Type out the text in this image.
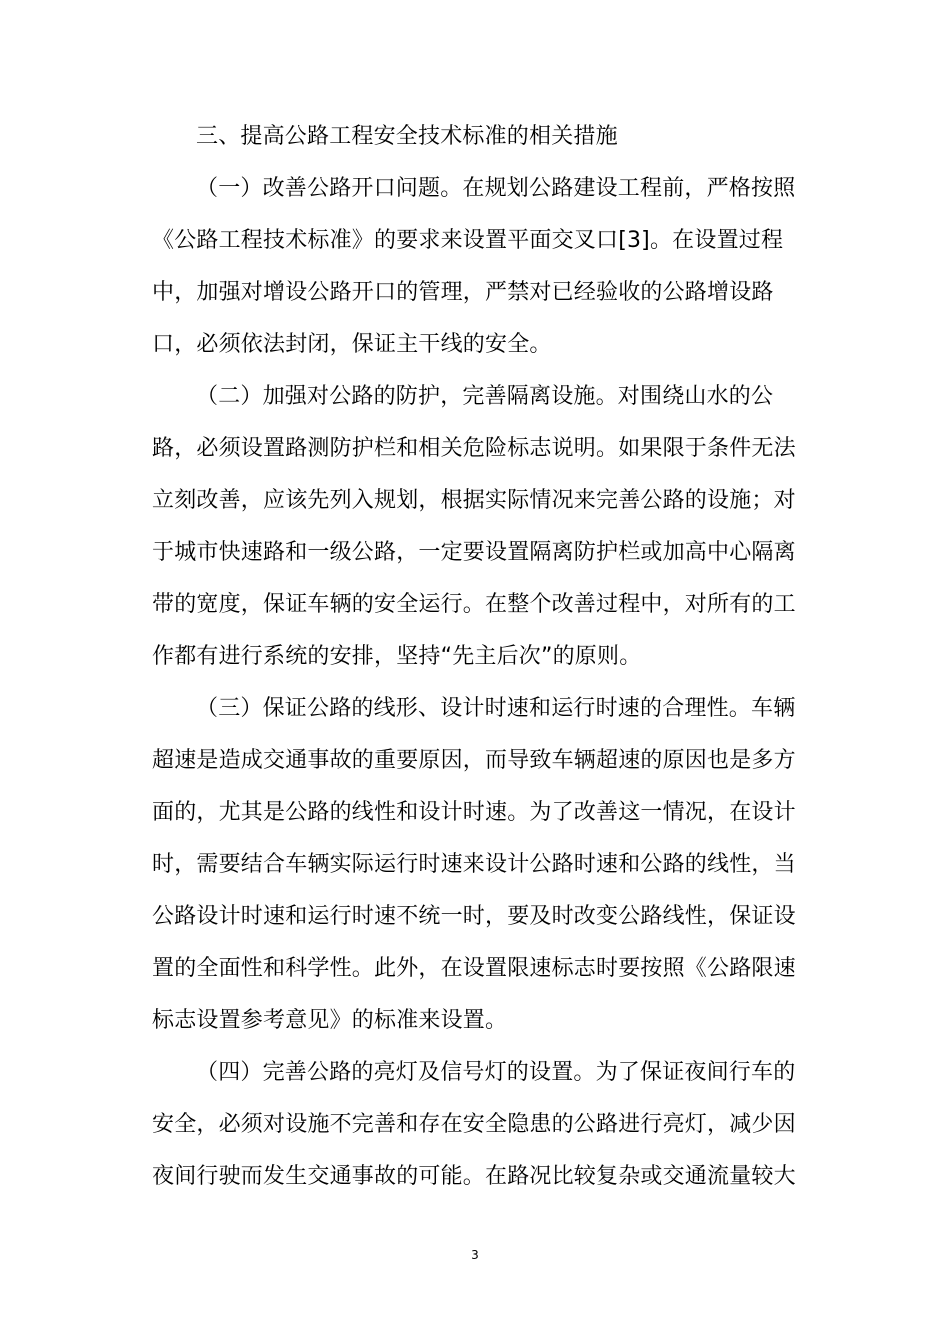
三、提高公路工程安全技术标准的相关措施
（一）改善公路开口问题。在规划公路建设工程前，严格按照
《公路工程技术标准》的要求来设置平面交叉口[3]。在设置过程
中，加强对增设公路开口的管理，严禁对已经验收的公路增设路
口，必须依法封闭，保证主干线的安全。
（二）加强对公路的防护，完善隔离设施。对围绕山水的公
路，必须设置路测防护栏和相关危险标志说明。如果限于条件无法
立刻改善，应该先列入规划，根据实际情况来完善公路的设施；对
于城市快速路和一级公路，一定要设置隔离防护栏或加高中心隔离
带的宽度，保证车辆的安全运行。在整个改善过程中，对所有的工
作都有进行系统的安排，坚持“先主后次”的原则。
（三）保证公路的线形、设计时速和运行时速的合理性。车辆
超速是造成交通事故的重要原因，而导致车辆超速的原因也是多方
面的，尤其是公路的线性和设计时速。为了改善这一情况，在设计
时，需要结合车辆实际运行时速来设计公路时速和公路的线性，当
公路设计时速和运行时速不统一时，要及时改变公路线性，保证设
置的全面性和科学性。此外，在设置限速标志时要按照《公路限速
标志设置参考意见》的标准来设置。
（四）完善公路的亮灯及信号灯的设置。为了保证夜间行车的
安全，必须对设施不完善和存在安全隐患的公路进行亮灯，减少因
夜间行驶而发生交通事故的可能。在路况比较复杂或交通流量较大
3
